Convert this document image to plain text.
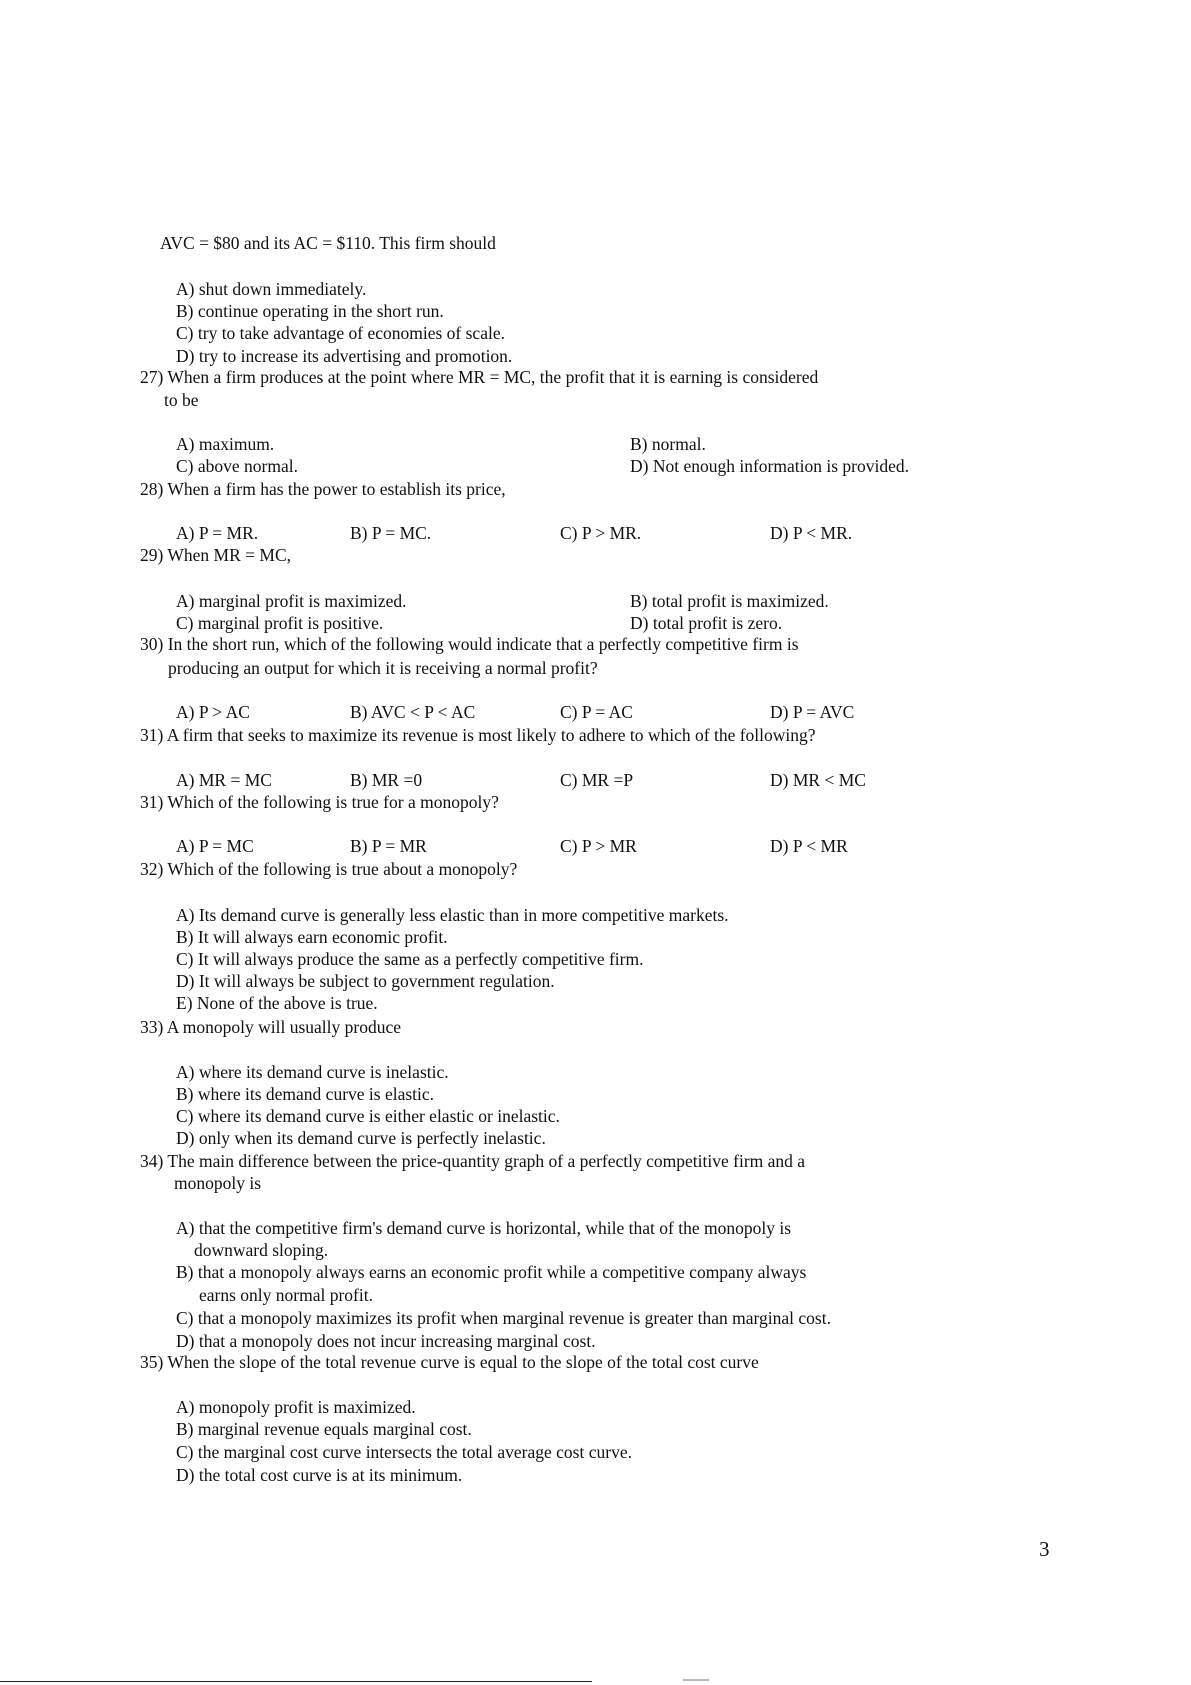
AVC = $80 and its AC = $110. This firm should
A) shut down immediately.
B) continue operating in the short run.
C) try to take advantage of economies of scale.
D) try to increase its advertising and promotion.
27) When a firm produces at the point where MR = MC, the profit that it is earning is considered
to be
A) maximum.	B) normal.
C) above normal.	D) Not enough information is provided.
28) When a firm has the power to establish its price,
A) P = MR.	B) P = MC.	C) P > MR.	D) P < MR.
29) When MR = MC,
A) marginal profit is maximized.	B) total profit is maximized.
C) marginal profit is positive.	D) total profit is zero.
30) In the short run, which of the following would indicate that a perfectly competitive firm is
producing an output for which it is receiving a normal profit?
A) P > AC	B) AVC < P < AC	C) P = AC	D) P = AVC
31) A firm that seeks to maximize its revenue is most likely to adhere to which of the following?
A) MR = MC	B) MR =0	C) MR =P	D) MR < MC
31) Which of the following is true for a monopoly?
A) P = MC	B) P = MR	C) P > MR	D) P < MR
32) Which of the following is true about a monopoly?
A) Its demand curve is generally less elastic than in more competitive markets.
B) It will always earn economic profit.
C) It will always produce the same as a perfectly competitive firm.
D) It will always be subject to government regulation.
E) None of the above is true.
33) A monopoly will usually produce
A) where its demand curve is inelastic.
B) where its demand curve is elastic.
C) where its demand curve is either elastic or inelastic.
D) only when its demand curve is perfectly inelastic.
34) The main difference between the price-quantity graph of a perfectly competitive firm and a
monopoly is
A) that the competitive firm's demand curve is horizontal, while that of the monopoly is
downward sloping.
B) that a monopoly always earns an economic profit while a competitive company always
earns only normal profit.
C) that a monopoly maximizes its profit when marginal revenue is greater than marginal cost.
D) that a monopoly does not incur increasing marginal cost.
35) When the slope of the total revenue curve is equal to the slope of the total cost curve
A) monopoly profit is maximized.
B) marginal revenue equals marginal cost.
C) the marginal cost curve intersects the total average cost curve.
D) the total cost curve is at its minimum.
3
